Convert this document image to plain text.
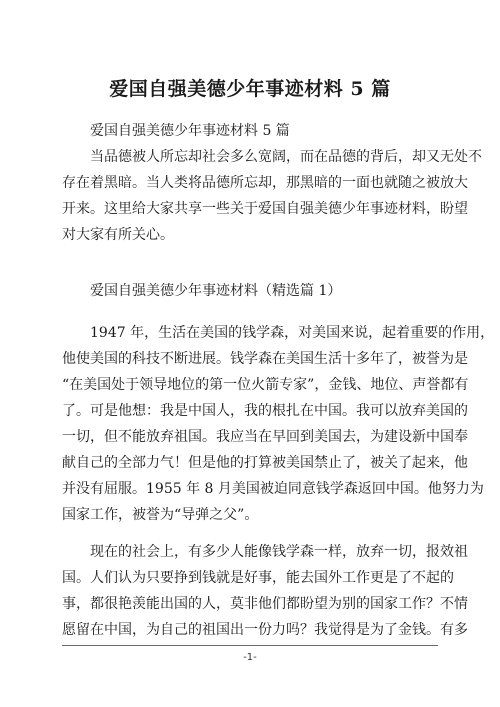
爱国自强美德少年事迹材料 5 篇
爱国自强美德少年事迹材料 5 篇
当品德被人所忘却社会多么宽阔，而在品德的背后，却又无处不
存在着黑暗。当人类将品德所忘却，那黑暗的一面也就随之被放大
开来。这里给大家共享一些关于爱国自强美德少年事迹材料，盼望
对大家有所关心。
爱国自强美德少年事迹材料（精选篇 1）
1947 年，生活在美国的钱学森，对美国来说，起着重要的作用，
他使美国的科技不断进展。钱学森在美国生活十多年了，被誉为是
“在美国处于领导地位的第一位火箭专家”，金钱、地位、声誉都有
了。可是他想：我是中国人，我的根扎在中国。我可以放弃美国的
一切，但不能放弃祖国。我应当在早回到美国去，为建设新中国奉
献自己的全部力气！但是他的打算被美国禁止了，被关了起来，他
并没有屈服。1955 年 8 月美国被迫同意钱学森返回中国。他努力为
国家工作，被誉为“导弹之父”。
现在的社会上，有多少人能像钱学森一样，放弃一切，报效祖
国。人们认为只要挣到钱就是好事，能去国外工作更是了不起的
事，都很艳羡能出国的人，莫非他们都盼望为别的国家工作？不情
愿留在中国，为自己的祖国出一份力吗？我觉得是为了金钱。有多
-1-
